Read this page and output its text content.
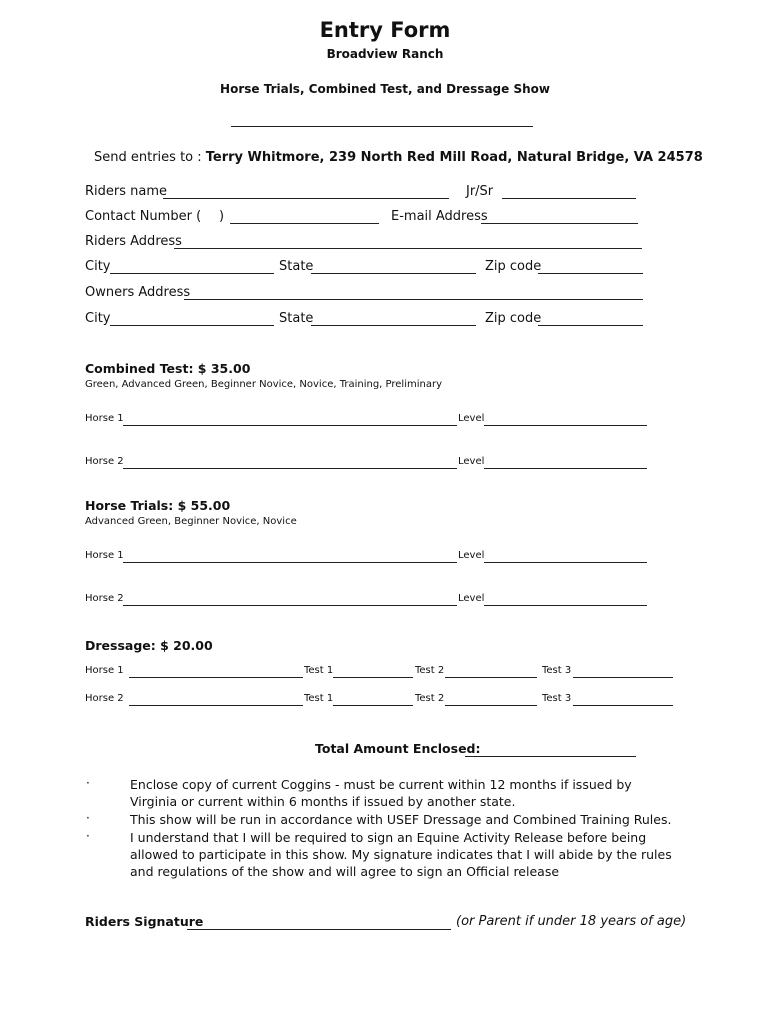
Entry Form
Broadview Ranch
Horse Trials, Combined Test, and Dressage Show
Send entries to : Terry Whitmore, 239 North Red Mill Road, Natural Bridge, VA 24578
Riders name	Jr/Sr
Contact Number ( )	E-mail Address
Riders Address
City	State	Zip code
Owners Address
City	State	Zip code
Combined Test: $ 35.00
Green, Advanced Green, Beginner Novice, Novice, Training, Preliminary
Horse 1	Level
Horse 2	Level
Horse Trials: $ 55.00
Advanced Green, Beginner Novice, Novice
Horse 1	Level
Horse 2	Level
Dressage: $ 20.00
Horse 1	Test 1	Test 2	Test 3
Horse 2	Test 1	Test 2	Test 3
Total Amount Enclosed:
·	Enclose copy of current Coggins - must be current within 12 months if issued by Virginia or current within 6 months if issued by another state.
·	This show will be run in accordance with USEF Dressage and Combined Training Rules.
·	I understand that I will be required to sign an Equine Activity Release before being allowed to participate in this show. My signature indicates that I will abide by the rules and regulations of the show and will agree to sign an Official release
Riders Signature	(or Parent if under 18 years of age)
